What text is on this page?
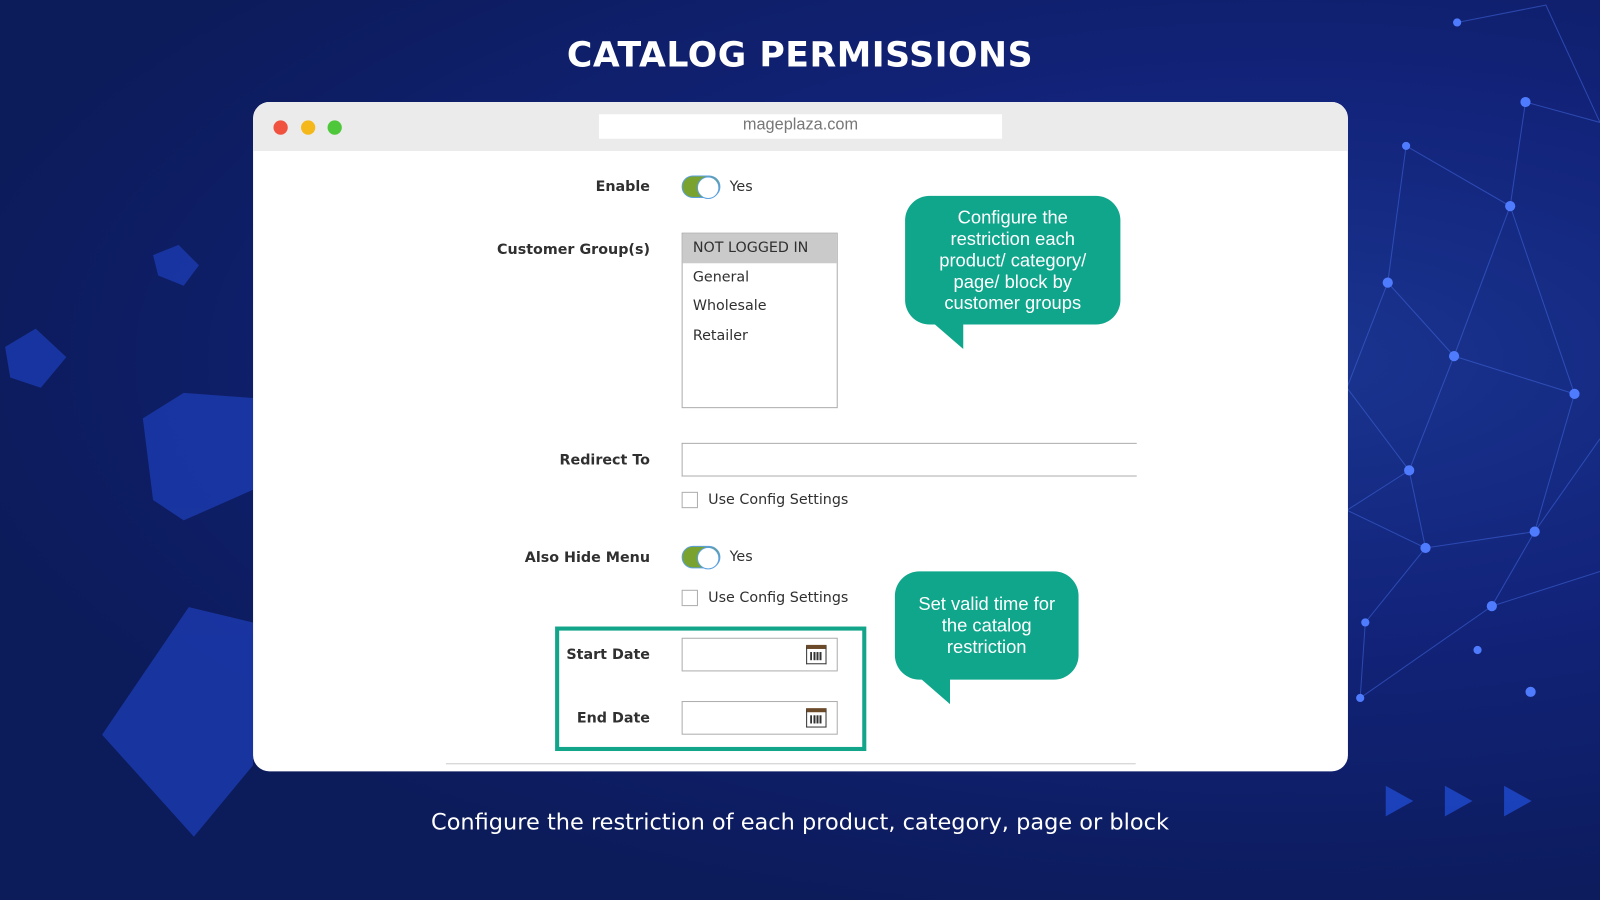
CATALOG PERMISSIONS
mageplaza.com
Enable	Yes
Customer Group(s)	NOT LOGGED IN
General
Wholesale
Retailer
Redirect To
Use Config Settings
Also Hide Menu	Yes
Use Config Settings
Start Date
End Date
Configure the restriction each product/ category/ page/ block by customer groups
Set valid time for the catalog restriction
Configure the restriction of each product, category, page or block
